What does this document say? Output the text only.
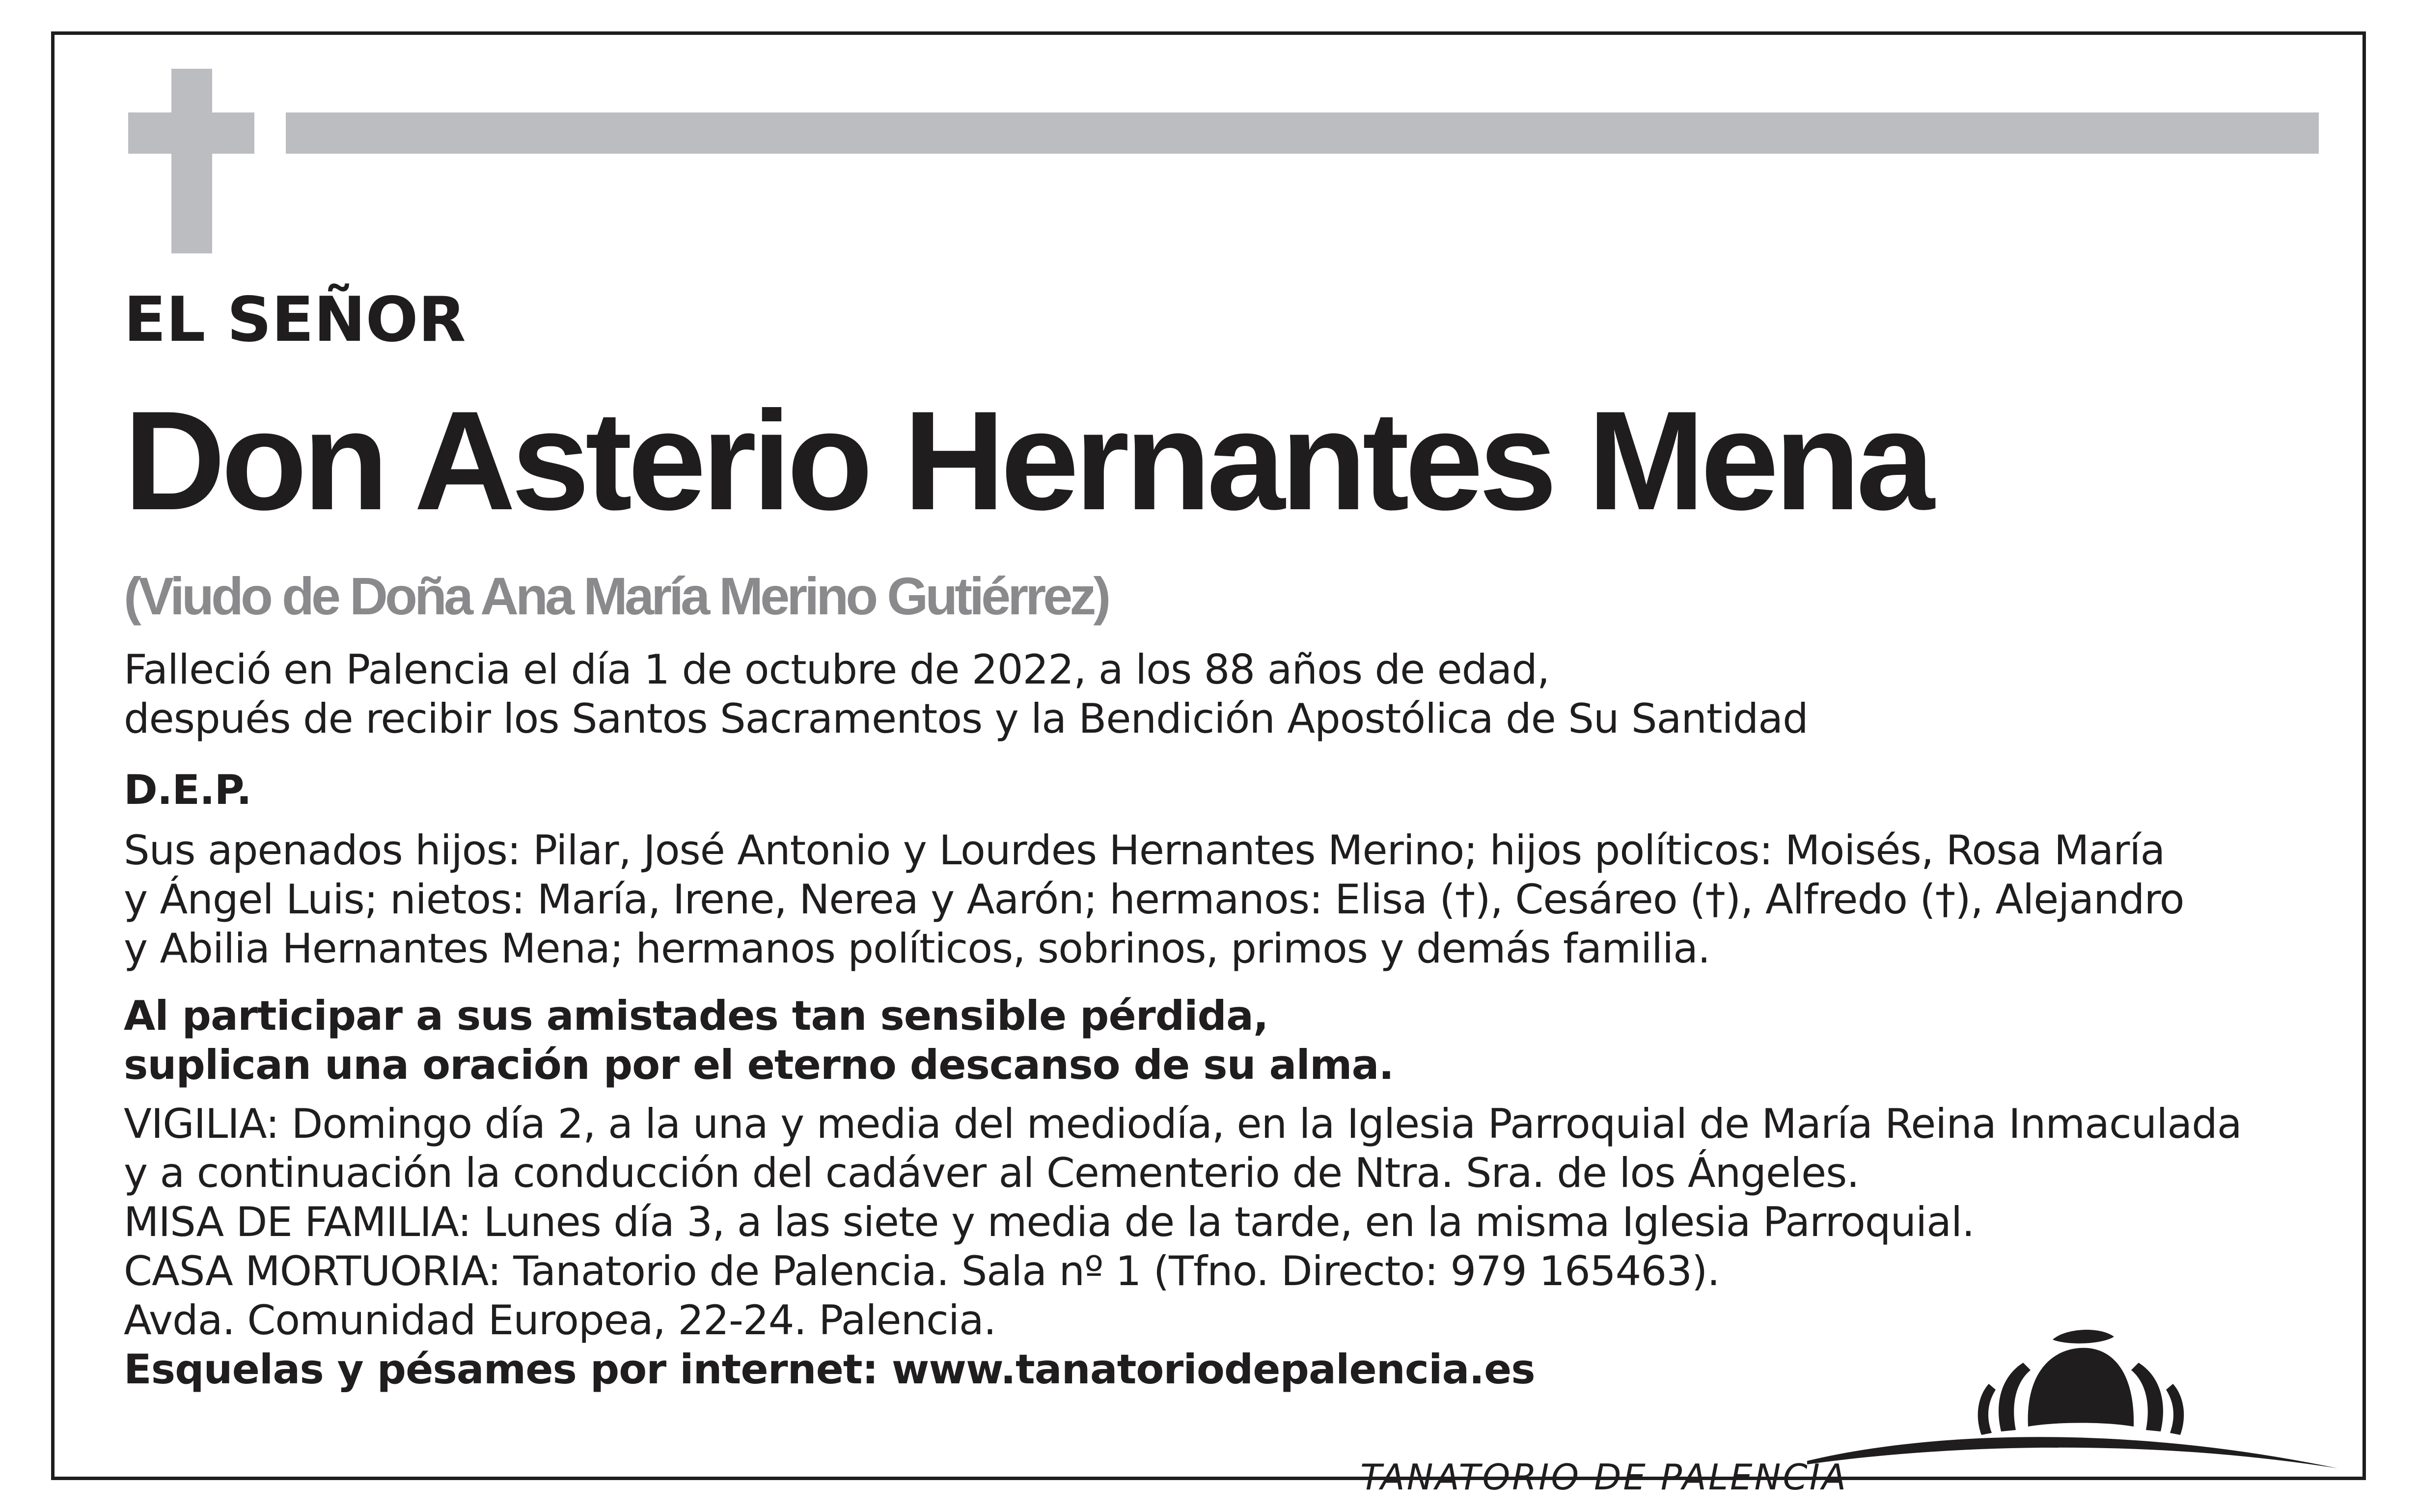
EL SEÑOR

Don Asterio Hernantes Mena

(Viudo de Doña Ana María Merino Gutiérrez)

Falleció en Palencia el día 1 de octubre de 2022, a los 88 años de edad,

después de recibir los Santos Sacramentos y la Bendición Apostólica de Su Santidad

D.E.P.

Sus apenados hijos: Pilar, José Antonio y Lourdes Hernantes Merino; hijos políticos: Moisés, Rosa María

y Ángel Luis; nietos: María, Irene, Nerea y Aarón; hermanos: Elisa (†), Cesáreo (†), Alfredo (†), Alejandro

y Abilia Hernantes Mena; hermanos políticos, sobrinos, primos y demás familia.

Al participar a sus amistades tan sensible pérdida,

suplican una oración por el eterno descanso de su alma.

VIGILIA: Domingo día 2, a la una y media del mediodía, en la Iglesia Parroquial de María Reina Inmaculada

y a continuación la conducción del cadáver al Cementerio de Ntra. Sra. de los Ángeles.

MISA DE FAMILIA: Lunes día 3, a las siete y media de la tarde, en la misma Iglesia Parroquial.

CASA MORTUORIA: Tanatorio de Palencia. Sala nº 1 (Tfno. Directo: 979 165463).

Avda. Comunidad Europea, 22-24. Palencia.

Esquelas y pésames por internet: www.tanatoriodepalencia.es

TANATORIO DE PALENCIA
